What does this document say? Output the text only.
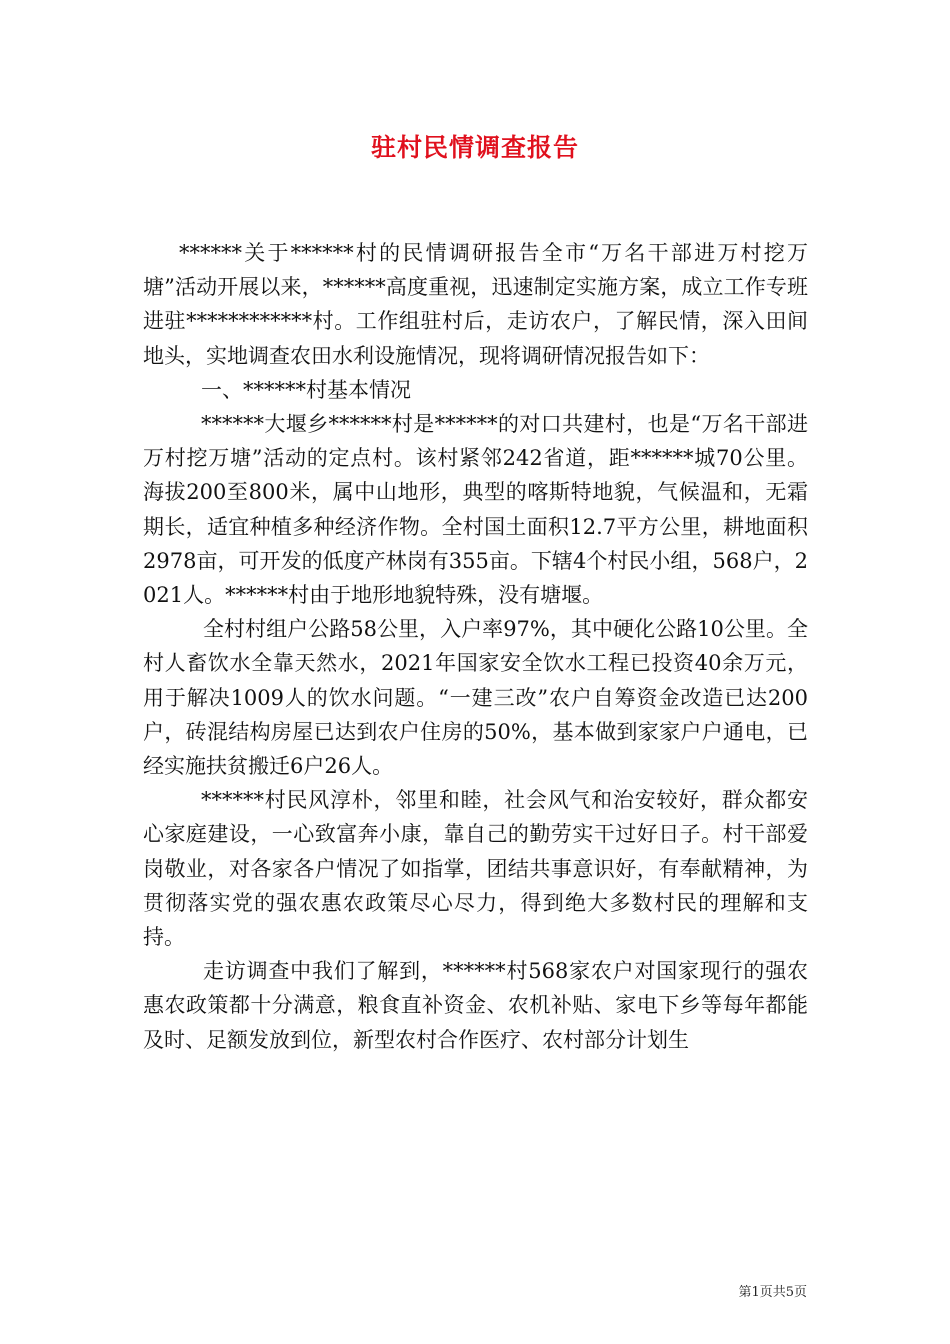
驻村民情调查报告

******关于******村的民情调研报告全市“万名干部进万村挖万塘”活动开展以来，******高度重视，迅速制定实施方案，成立工作专班进驻************村。工作组驻村后，走访农户，了解民情，深入田间地头，实地调查农田水利设施情况，现将调研情况报告如下：

一、******村基本情况

******大堰乡******村是******的对口共建村，也是“万名干部进万村挖万塘”活动的定点村。该村紧邻242省道，距******城70公里。海拔200至800米，属中山地形，典型的喀斯特地貌，气候温和，无霜期长，适宜种植多种经济作物。全村国土面积12.7平方公里，耕地面积2978亩，可开发的低度产林岗有355亩。下辖4个村民小组，568户，2021人。******村由于地形地貌特殊，没有塘堰。

全村村组户公路58公里，入户率97%，其中硬化公路10公里。全村人畜饮水全靠天然水，2021年国家安全饮水工程已投资40余万元，用于解决1009人的饮水问题。“一建三改”农户自筹资金改造已达200户，砖混结构房屋已达到农户住房的50%，基本做到家家户户通电，已经实施扶贫搬迁6户26人。

******村民风淳朴，邻里和睦，社会风气和治安较好，群众都安心家庭建设，一心致富奔小康，靠自己的勤劳实干过好日子。村干部爱岗敬业，对各家各户情况了如指掌，团结共事意识好，有奉献精神，为贯彻落实党的强农惠农政策尽心尽力，得到绝大多数村民的理解和支持。

走访调查中我们了解到，******村568家农户对国家现行的强农惠农政策都十分满意，粮食直补资金、农机补贴、家电下乡等每年都能及时、足额发放到位，新型农村合作医疗、农村部分计划生

第1页共5页
